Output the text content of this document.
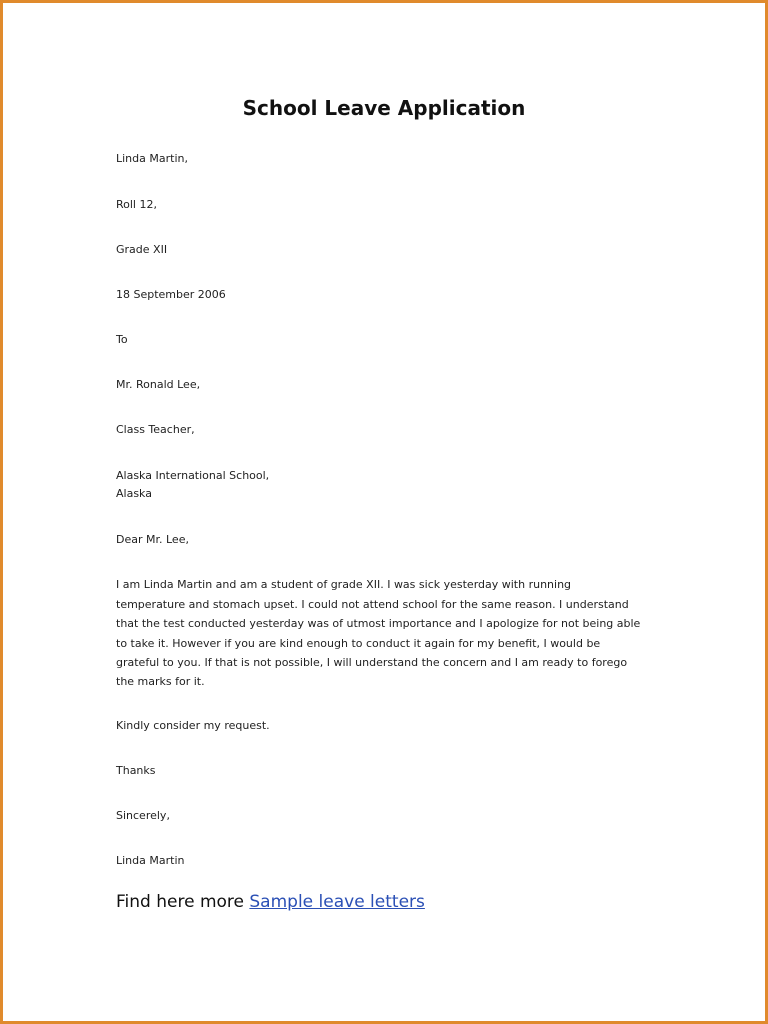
School Leave Application

Linda Martin,

Roll 12,

Grade XII

18 September 2006

To

Mr. Ronald Lee,

Class Teacher,

Alaska International School,

Alaska

Dear Mr. Lee,

I am Linda Martin and am a student of grade XII. I was sick yesterday with running

temperature and stomach upset. I could not attend school for the same reason. I understand

that the test conducted yesterday was of utmost importance and I apologize for not being able

to take it. However if you are kind enough to conduct it again for my benefit, I would be

grateful to you. If that is not possible, I will understand the concern and I am ready to forego

the marks for it.

Kindly consider my request.

Thanks

Sincerely,

Linda Martin

Find here more Sample leave letters
